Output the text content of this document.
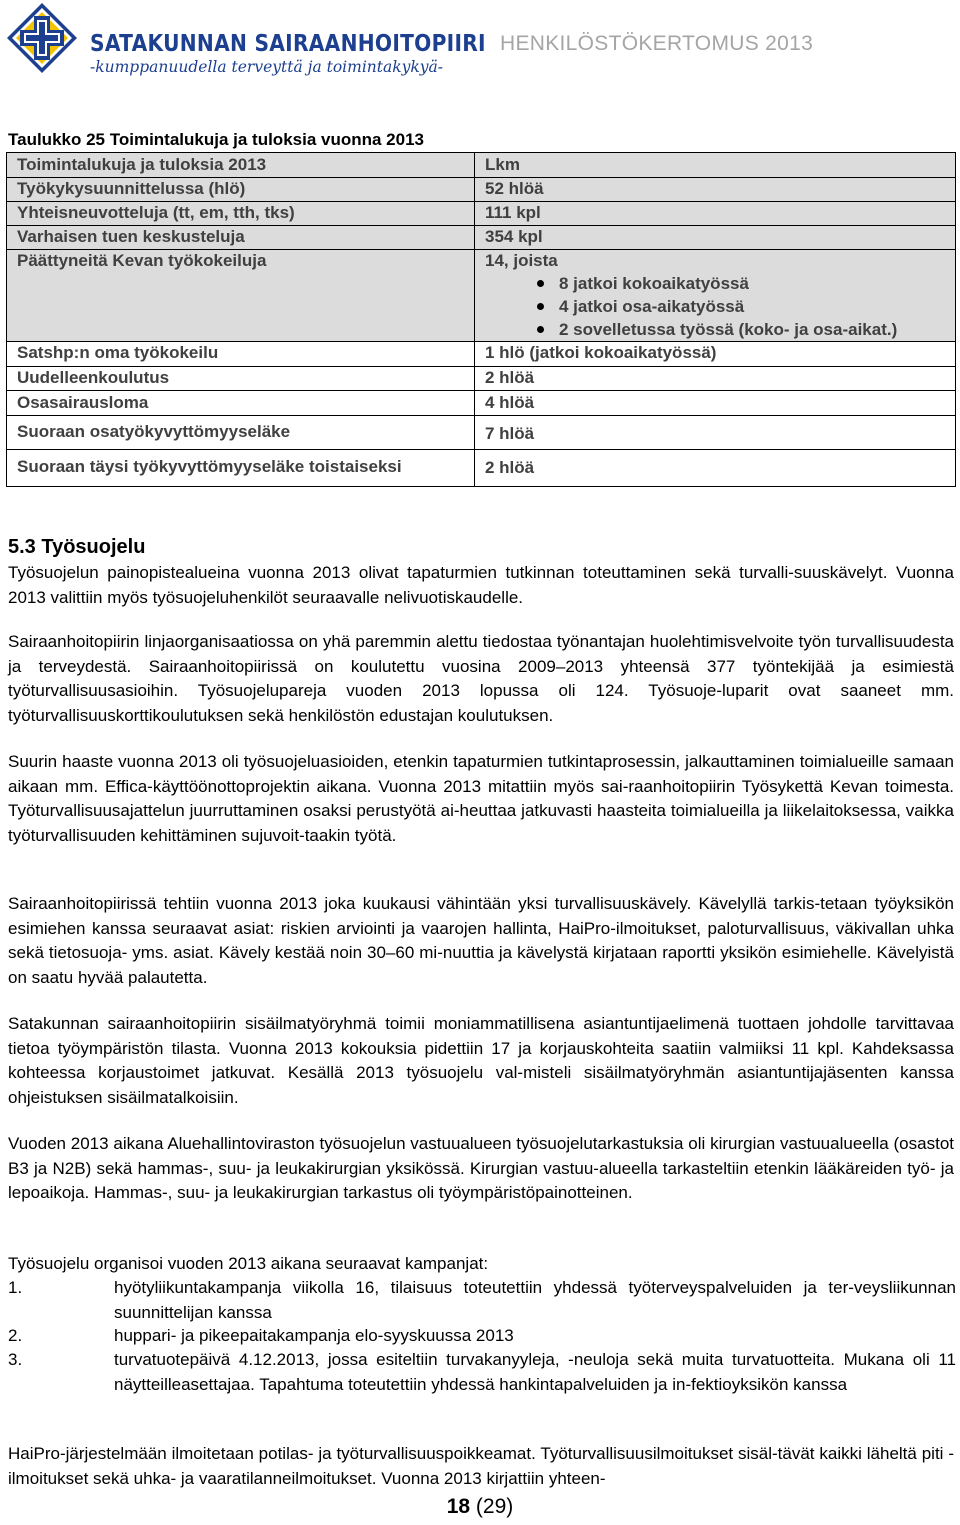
SATAKUNNAN SAIRAANHOITOPIIRI
-kumppanuudella terveyttä ja toimintakykyä-
HENKILÖSTÖKERTOMUS 2013
Taulukko 25 Toimintalukuja ja tuloksia vuonna 2013
Toimintalukuja ja tuloksia 2013	Lkm
Työkykysuunnittelussa (hlö)	52 hlöä
Yhteisneuvotteluja (tt, em, tth, tks)	111 kpl
Varhaisen tuen keskusteluja	354 kpl
Päättyneitä Kevan työkokeiluja	14, joista
8 jatkoi kokoaikatyössä
4 jatkoi osa-aikatyössä
2 sovelletussa työssä (koko- ja osa-aikat.)
Satshp:n oma työkokeilu	1 hlö (jatkoi kokoaikatyössä)
Uudelleenkoulutus	2 hlöä
Osasairausloma	4 hlöä
Suoraan osatyökyvyttömyyseläke	7 hlöä
Suoraan täysi työkyvyttömyyseläke toistaiseksi	2 hlöä
5.3 Työsuojelu
Työsuojelun painopistealueina vuonna 2013 olivat tapaturmien tutkinnan toteuttaminen sekä turvalli-suuskävelyt. Vuonna 2013 valittiin myös työsuojeluhenkilöt seuraavalle nelivuotiskaudelle.
Sairaanhoitopiirin linjaorganisaatiossa on yhä paremmin alettu tiedostaa työnantajan huolehtimisvelvoite työn turvallisuudesta ja terveydestä. Sairaanhoitopiirissä on koulutettu vuosina 2009–2013 yhteensä 377 työntekijää ja esimiestä työturvallisuusasioihin. Työsuojelupareja vuoden 2013 lopussa oli 124. Työsuoje-luparit ovat saaneet mm. työturvallisuuskorttikoulutuksen sekä henkilöstön edustajan koulutuksen.
Suurin haaste vuonna 2013 oli työsuojeluasioiden, etenkin tapaturmien tutkintaprosessin, jalkauttaminen toimialueille samaan aikaan mm. Effica-käyttöönottoprojektin aikana. Vuonna 2013 mitattiin myös sai-raanhoitopiirin Työsykettä Kevan toimesta. Työturvallisuusajattelun juurruttaminen osaksi perustyötä ai-heuttaa jatkuvasti haasteita toimialueilla ja liikelaitoksessa, vaikka työturvallisuuden kehittäminen sujuvoit-taakin työtä.
Sairaanhoitopiirissä tehtiin vuonna 2013 joka kuukausi vähintään yksi turvallisuuskävely. Kävelyllä tarkis-tetaan työyksikön esimiehen kanssa seuraavat asiat: riskien arviointi ja vaarojen hallinta, HaiPro-ilmoitukset, paloturvallisuus, väkivallan uhka sekä tietosuoja- yms. asiat. Kävely kestää noin 30–60 mi-nuuttia ja kävelystä kirjataan raportti yksikön esimiehelle. Kävelyistä on saatu hyvää palautetta.
Satakunnan sairaanhoitopiirin sisäilmatyöryhmä toimii moniammatillisena asiantuntijaelimenä tuottaen johdolle tarvittavaa tietoa työympäristön tilasta. Vuonna 2013 kokouksia pidettiin 17 ja korjauskohteita saatiin valmiiksi 11 kpl. Kahdeksassa kohteessa korjaustoimet jatkuvat. Kesällä 2013 työsuojelu val-misteli sisäilmatyöryhmän asiantuntijajäsenten kanssa ohjeistuksen sisäilmatalkoisiin.
Vuoden 2013 aikana Aluehallintoviraston työsuojelun vastuualueen työsuojelutarkastuksia oli kirurgian vastuualueella (osastot B3 ja N2B) sekä hammas-, suu- ja leukakirurgian yksikössä. Kirurgian vastuu-alueella tarkasteltiin etenkin lääkäreiden työ- ja lepoaikoja. Hammas-, suu- ja leukakirurgian tarkastus oli työympäristöpainotteinen.
Työsuojelu organisoi vuoden 2013 aikana seuraavat kampanjat:
1.	hyötyliikuntakampanja viikolla 16, tilaisuus toteutettiin yhdessä työterveyspalveluiden ja ter-veysliikunnan suunnittelijan kanssa
2.	huppari- ja pikeepaitakampanja elo-syyskuussa 2013
3.	turvatuotepäivä 4.12.2013, jossa esiteltiin turvakanyyleja, -neuloja sekä muita turvatuotteita. Mukana oli 11 näytteilleasettajaa. Tapahtuma toteutettiin yhdessä hankintapalveluiden ja in-fektioyksikön kanssa
HaiPro-järjestelmään ilmoitetaan potilas- ja työturvallisuuspoikkeamat. Työturvallisuusilmoitukset sisäl-tävät kaikki läheltä piti -ilmoitukset sekä uhka- ja vaaratilanneilmoitukset. Vuonna 2013 kirjattiin yhteen-
18 (29)
